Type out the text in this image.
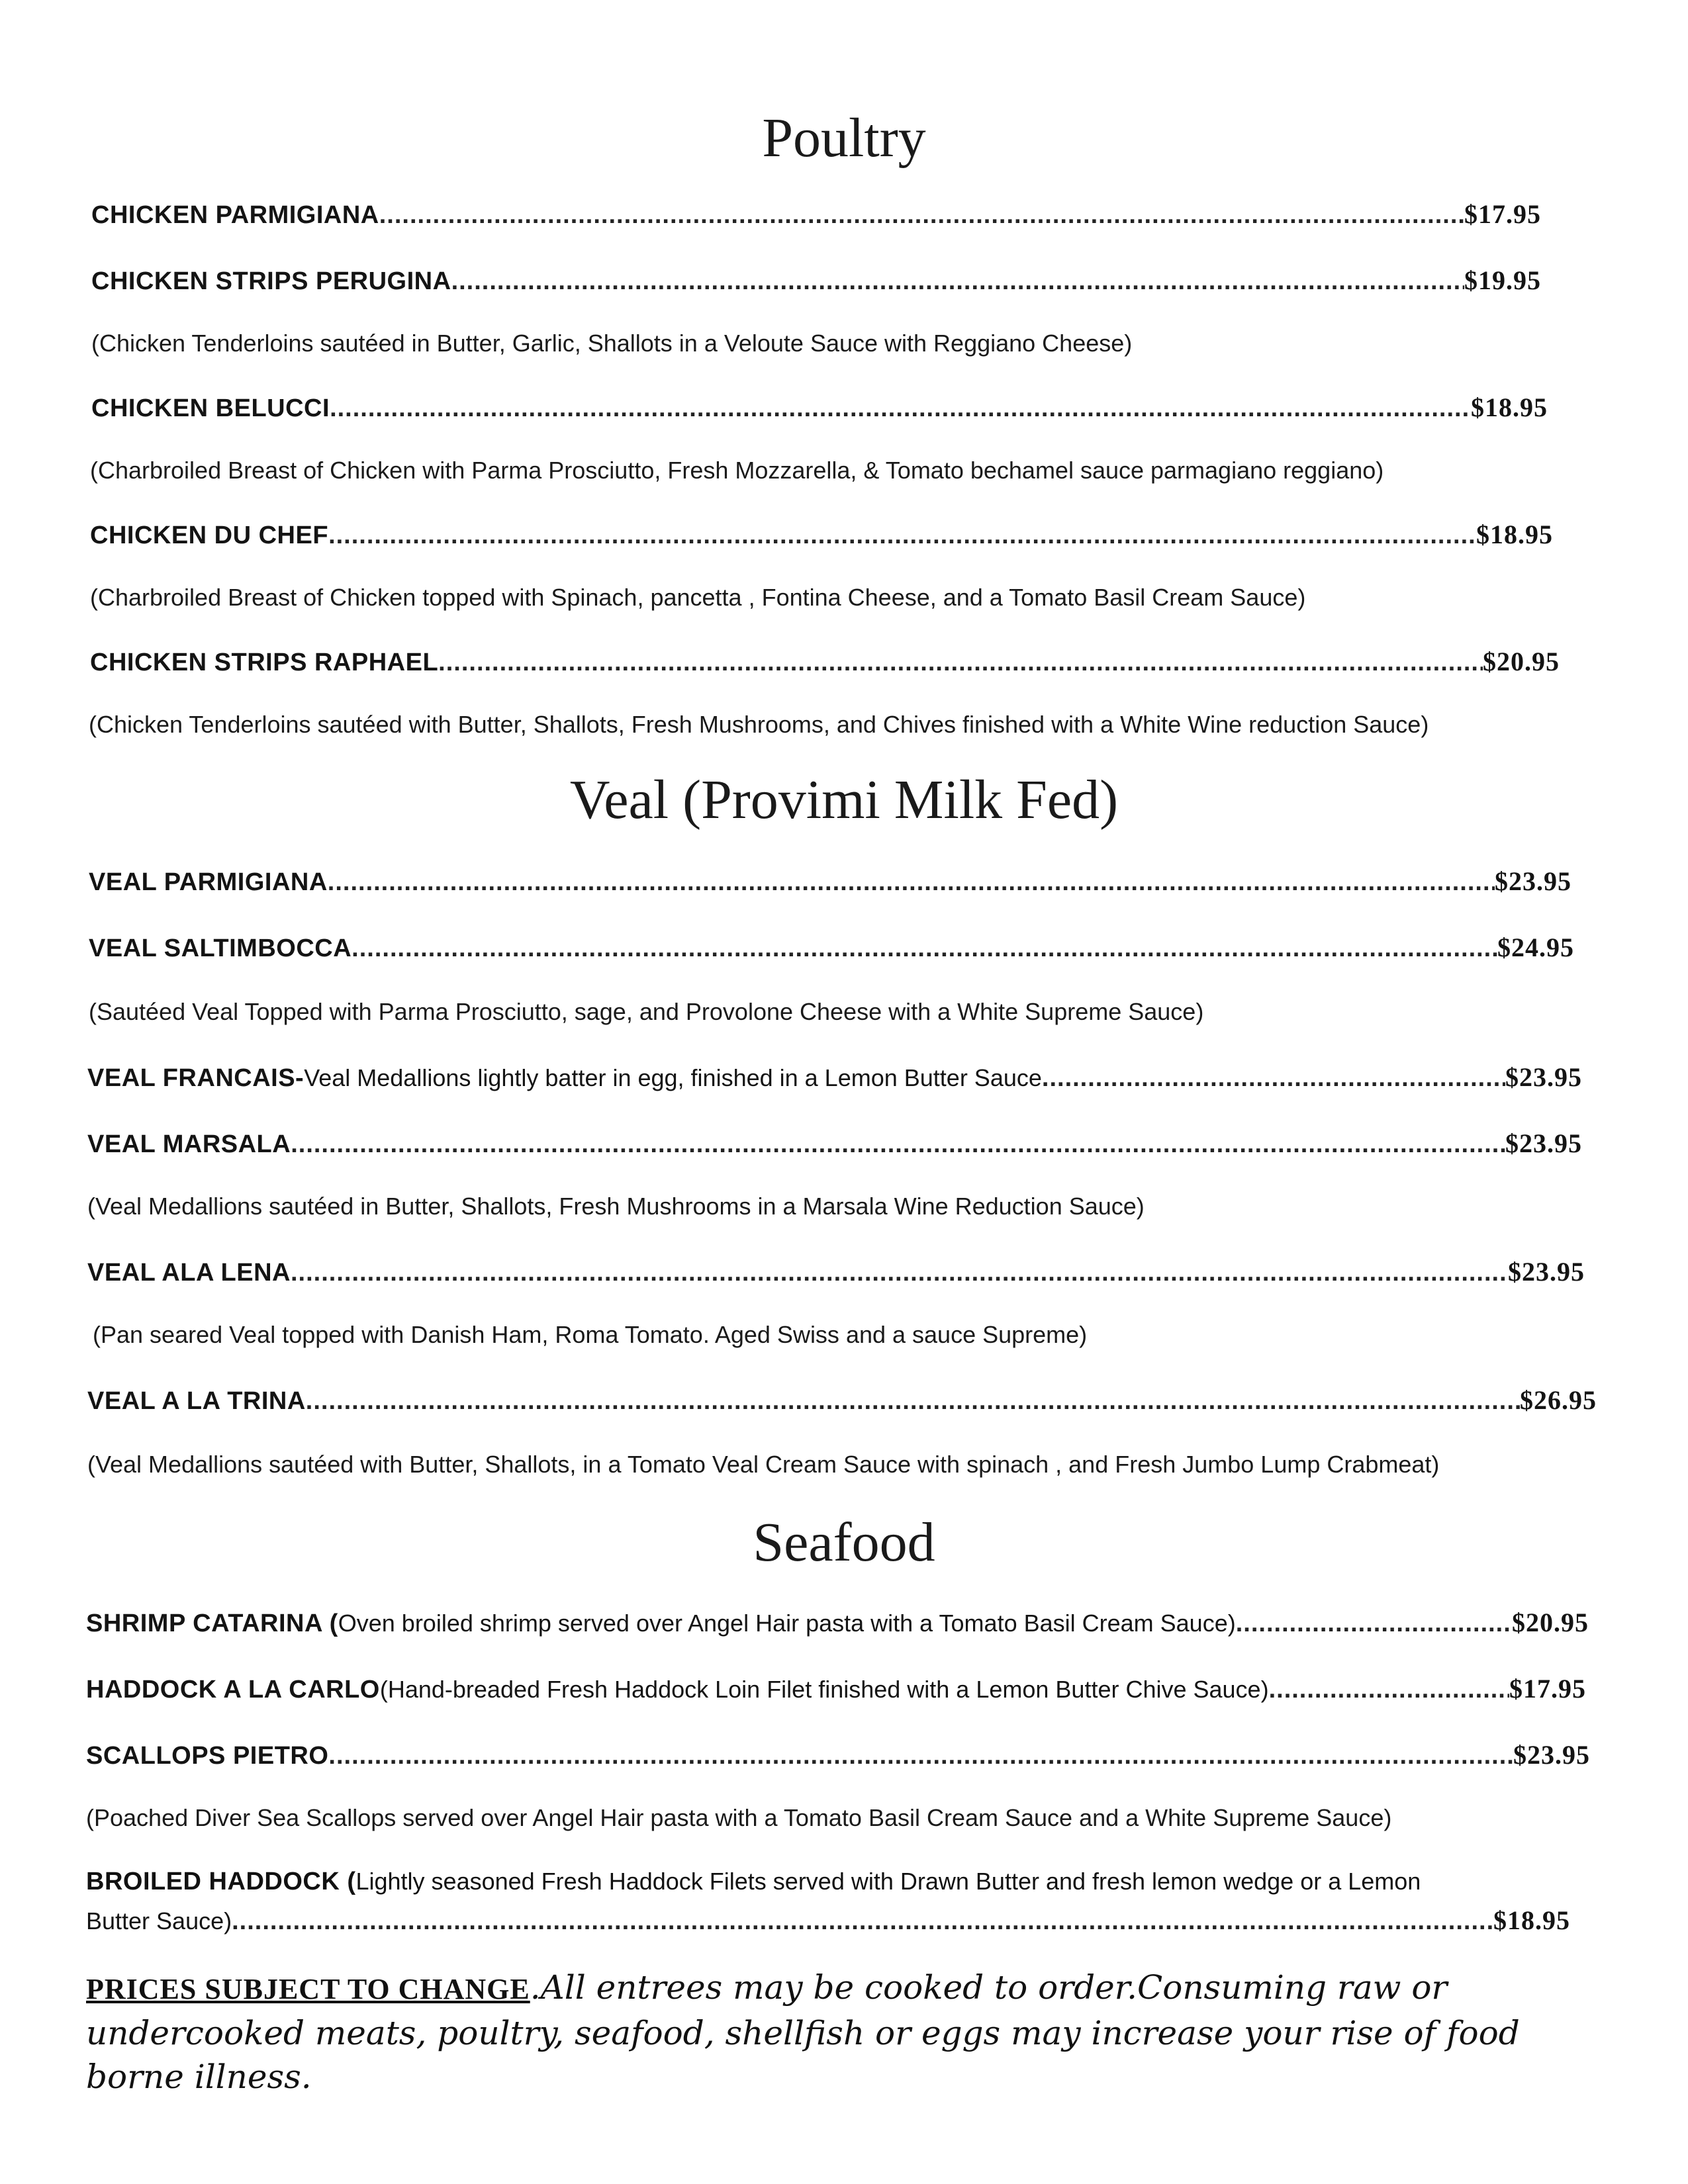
Poultry
CHICKEN PARMIGIANA .....	$17.95
CHICKEN STRIPS PERUGINA .....	$19.95
(Chicken Tenderloins sautéed in Butter, Garlic, Shallots in a Veloute Sauce with Reggiano Cheese)
CHICKEN BELUCCI .....	$18.95
(Charbroiled Breast of Chicken with Parma Prosciutto, Fresh Mozzarella, & Tomato bechamel sauce parmagiano reggiano)
CHICKEN DU CHEF .....	$18.95
(Charbroiled Breast of Chicken topped with Spinach, pancetta , Fontina Cheese, and a Tomato Basil Cream Sauce)
CHICKEN STRIPS RAPHAEL .....	$20.95
(Chicken Tenderloins sautéed with Butter, Shallots, Fresh Mushrooms, and Chives finished with a White Wine reduction Sauce)
Veal (Provimi Milk Fed)
VEAL PARMIGIANA .....	$23.95
VEAL SALTIMBOCCA .....	$24.95
(Sautéed Veal Topped with Parma Prosciutto, sage, and Provolone Cheese with a White Supreme Sauce)
VEAL FRANCAIS- Veal Medallions lightly batter in egg, finished in a Lemon Butter Sauce .....	$23.95
VEAL MARSALA .....	$23.95
(Veal Medallions sautéed in Butter, Shallots, Fresh Mushrooms in a Marsala Wine Reduction Sauce)
VEAL ALA LENA .....	$23.95
(Pan seared Veal topped with Danish Ham, Roma Tomato. Aged Swiss and a sauce Supreme)
VEAL A LA TRINA .....	$26.95
(Veal Medallions sautéed with Butter, Shallots, in a Tomato Veal Cream Sauce with spinach , and Fresh Jumbo Lump Crabmeat)
Seafood
SHRIMP CATARINA ( Oven broiled shrimp served over Angel Hair pasta with a Tomato Basil Cream Sauce) .....	$20.95
HADDOCK A LA CARLO (Hand-breaded Fresh Haddock Loin Filet finished with a Lemon Butter Chive Sauce) .....	$17.95
SCALLOPS PIETRO .....	$23.95
(Poached Diver Sea Scallops served over Angel Hair pasta with a Tomato Basil Cream Sauce and a White Supreme Sauce)
BROILED HADDOCK (Lightly seasoned Fresh Haddock Filets served with Drawn Butter and fresh lemon wedge or a Lemon
Butter Sauce) .....	$18.95
PRICES SUBJECT TO CHANGE.All entrees may be cooked to order.Consuming raw or undercooked meats, poultry, seafood, shellfish or eggs may increase your rise of food borne illness.
